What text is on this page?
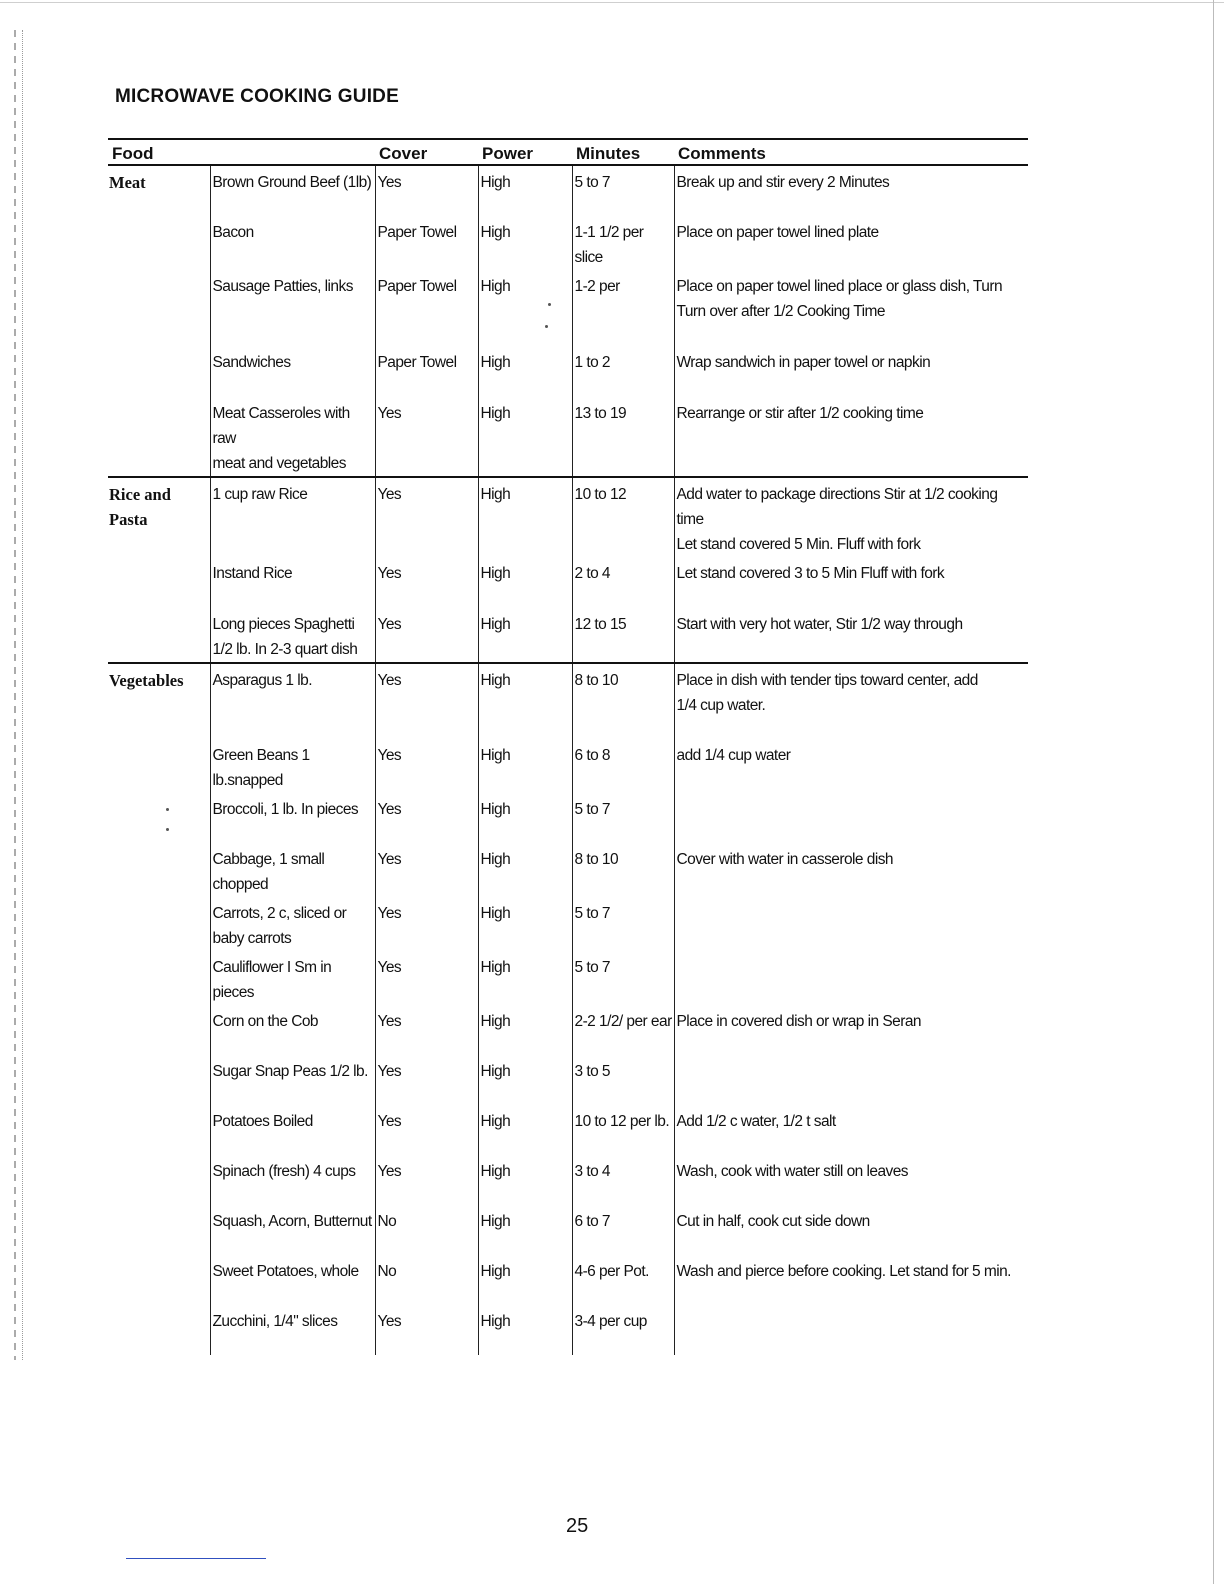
MICROWAVE COOKING GUIDE
Food		Cover	Power	Minutes	Comments
Meat	Brown Ground Beef (1lb)	Yes	High	5 to 7	Break up and stir every 2 Minutes
	Bacon	Paper Towel	High	1-1 1/2 per slice	Place on paper towel lined plate
	Sausage Patties, links	Paper Towel	High	1-2 per	Place on paper towel lined place or glass dish, Turn
Turn over after 1/2 Cooking Time
	Sandwiches	Paper Towel	High	1 to 2	Wrap sandwich in paper towel or napkin
	Meat Casseroles with raw
meat and vegetables	Yes	High	13 to 19	Rearrange or stir after 1/2 cooking time
Rice and
Pasta	1 cup raw Rice	Yes	High	10 to 12	Add water to package directions Stir at 1/2 cooking time
Let stand covered 5 Min. Fluff with fork
	Instand Rice	Yes	High	2 to 4	Let stand covered 3 to 5 Min Fluff with fork
	Long pieces Spaghetti
1/2 lb. In 2-3 quart dish	Yes	High	12 to 15	Start with very hot water, Stir 1/2 way through
Vegetables	Asparagus 1 lb.	Yes	High	8 to 10	Place in dish with tender tips toward center, add
1/4 cup water.
	Green Beans 1 lb.snapped	Yes	High	6 to 8	add 1/4 cup water
	Broccoli, 1 lb. In pieces	Yes	High	5 to 7	
	Cabbage, 1 small chopped	Yes	High	8 to 10	Cover with water in casserole dish
	Carrots, 2 c, sliced or
baby carrots	Yes	High	5 to 7	
	Cauliflower I Sm in pieces	Yes	High	5 to 7	
	Corn on the Cob	Yes	High	2-2 1/2/ per ear	Place in covered dish or wrap in Seran
	Sugar Snap Peas 1/2 lb.	Yes	High	3 to 5	
	Potatoes Boiled	Yes	High	10 to 12 per lb.	Add 1/2 c water, 1/2 t salt
	Spinach (fresh) 4 cups	Yes	High	3 to 4	Wash, cook with water still on leaves
	Squash, Acorn, Butternut	No	High	6 to 7	Cut in half, cook cut side down
	Sweet Potatoes, whole	No	High	4-6 per Pot.	Wash and pierce before cooking. Let stand for 5 min.
	Zucchini, 1/4" slices	Yes	High	3-4 per cup	
25
